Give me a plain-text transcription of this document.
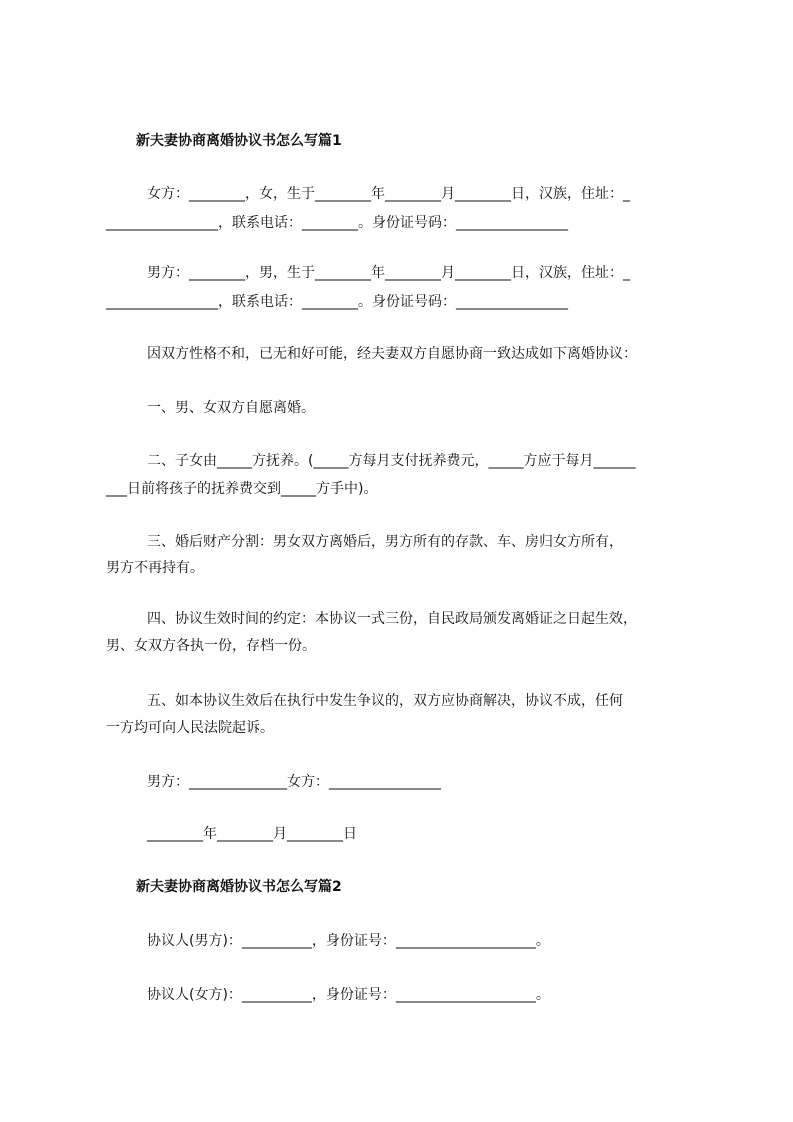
新夫妻协商离婚协议书怎么写篇1
女方：________，女，生于________年________月________日，汉族，住址：_
________________，联系电话：________。身份证号码：________________
男方：________，男，生于________年________月________日，汉族，住址：_
________________，联系电话：________。身份证号码：________________
因双方性格不和，已无和好可能，经夫妻双方自愿协商一致达成如下离婚协议：
一、男、女双方自愿离婚。
二、子女由_____方抚养。(_____方每月支付抚养费元，_____方应于每月______
___日前将孩子的抚养费交到_____方手中)。
三、婚后财产分割：男女双方离婚后，男方所有的存款、车、房归女方所有，
男方不再持有。
四、协议生效时间的约定：本协议一式三份，自民政局颁发离婚证之日起生效，
男、女双方各执一份，存档一份。
五、如本协议生效后在执行中发生争议的，双方应协商解决，协议不成，任何
一方均可向人民法院起诉。
男方：______________女方：________________
________年________月________日
新夫妻协商离婚协议书怎么写篇2
协议人(男方)：__________，身份证号：____________________。
协议人(女方)：__________，身份证号：____________________。
